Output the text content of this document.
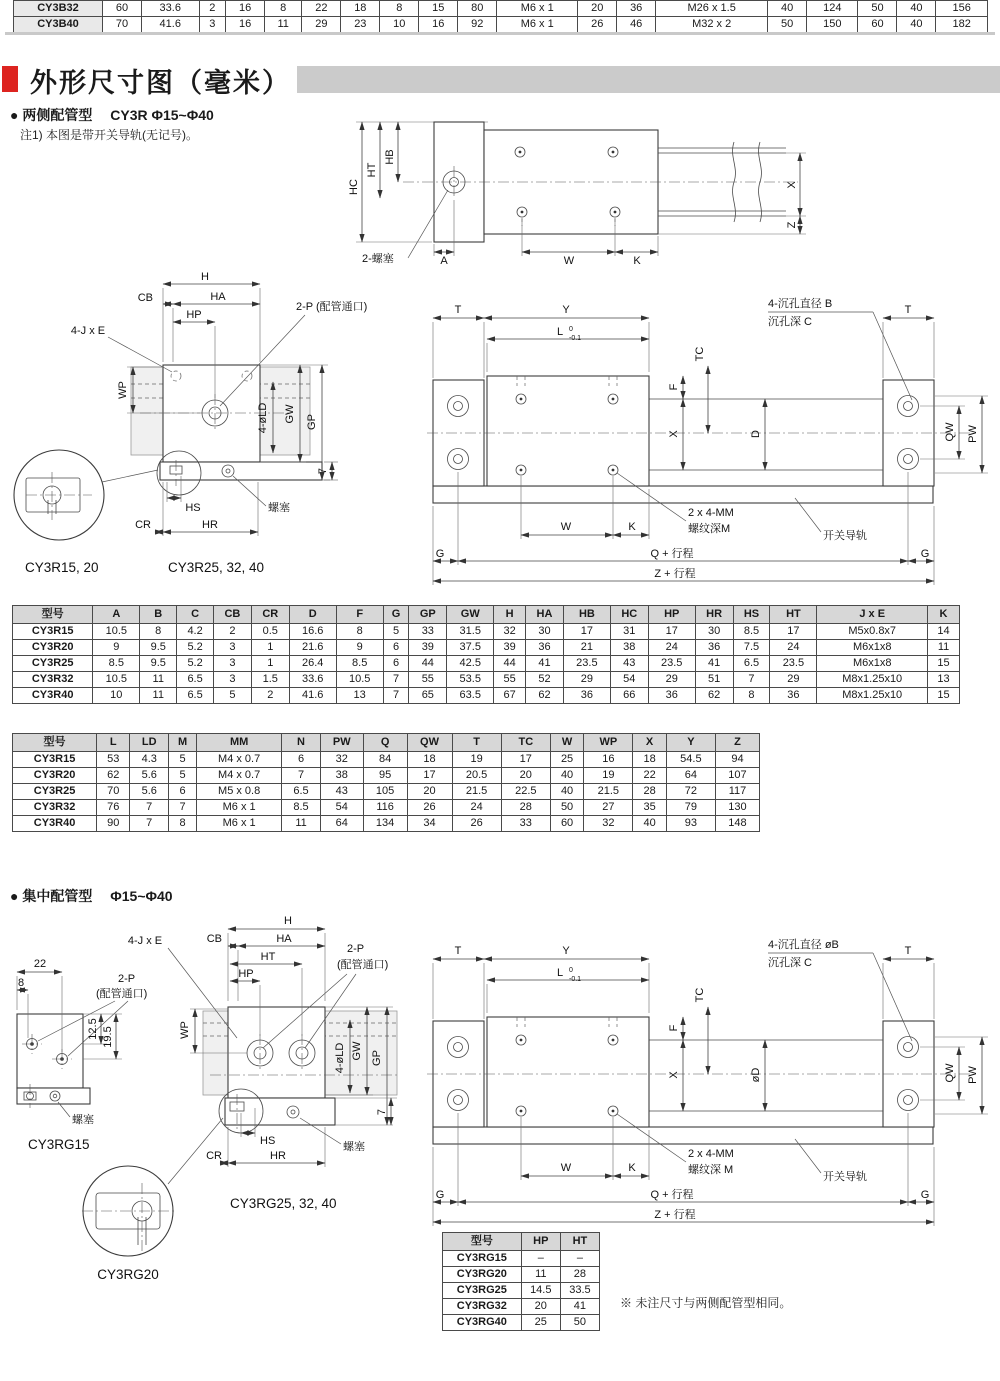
CY3B32	60	33.6	2	16	8	22	18	8	15	80	M6 x 1	20	36	M26 x 1.5	40	124	50	40	156
CY3B40	70	41.6	3	16	11	29	23	10	16	92	M6 x 1	26	46	M32 x 2	50	150	60	40	182
外形尺寸图（毫米）
● 两侧配管型 CY3R Φ15~Φ40
注1) 本图是带开关导轨(无记号)。
HC
HT
HB
X
Z
A	W	K
2-螺塞
H
CB	HA
HP
4-J x E
2-P (配管通口)
WP
4-øLD GW GP
HS
CR	HR
7
螺塞
CY3R15, 20	CY3R25, 32, 40
T	Y
L 0
-0.1
TC
F
X	D
4-沉孔直径 B
沉孔深 C
T
QW PW
W	K
2 x 4-MM
螺纹深M
开关导轨
G	Q + 行程	G
Z + 行程
型号	A	B	C	CB	CR	D	F	G	GP	GW	H	HA	HB	HC	HP	HR	HS	HT	J x E	K
CY3R15	10.5	8	4.2	2	0.5	16.6	8	5	33	31.5	32	30	17	31	17	30	8.5	17	M5x0.8x7	14
CY3R20	9	9.5	5.2	3	1	21.6	9	6	39	37.5	39	36	21	38	24	36	7.5	24	M6x1x8	11
CY3R25	8.5	9.5	5.2	3	1	26.4	8.5	6	44	42.5	44	41	23.5	43	23.5	41	6.5	23.5	M6x1x8	15
CY3R32	10.5	11	6.5	3	1.5	33.6	10.5	7	55	53.5	55	52	29	54	29	51	7	29	M8x1.25x10	13
CY3R40	10	11	6.5	5	2	41.6	13	7	65	63.5	67	62	36	66	36	62	8	36	M8x1.25x10	15
型号	L	LD	M	MM	N	PW	Q	QW	T	TC	W	WP	X	Y	Z
CY3R15	53	4.3	5	M4 x 0.7	6	32	84	18	19	17	25	16	18	54.5	94
CY3R20	62	5.6	5	M4 x 0.7	7	38	95	17	20.5	20	40	19	22	64	107
CY3R25	70	5.6	6	M5 x 0.8	6.5	43	105	20	21.5	22.5	40	21.5	28	72	117
CY3R32	76	7	7	M6 x 1	8.5	54	116	26	24	28	50	27	35	79	130
CY3R40	90	7	8	M6 x 1	11	64	134	34	26	33	60	32	40	93	148
● 集中配管型 Φ15~Φ40
22
8	2-P
(配管通口)
12.5 19.5
螺塞
CY3RG15
CY3RG20
H
CB	HA
HT
HP
4-J x E
2-P
(配管通口)
WP
4-øLD GW GP
HS
CR	HR
螺塞
7
CY3RG25, 32, 40
T	Y
L 0
-0.1
TC
F
X	øD
4-沉孔直径 øB
沉孔深 C
T
QW PW
W	K
2 x 4-MM
螺纹深 M
开关导轨
G	Q + 行程	G
Z + 行程
型号	HP	HT
CY3RG15	–	–
CY3RG20	11	28
CY3RG25	14.5	33.5
CY3RG32	20	41
CY3RG40	25	50
※ 未注尺寸与两侧配管型相同。
